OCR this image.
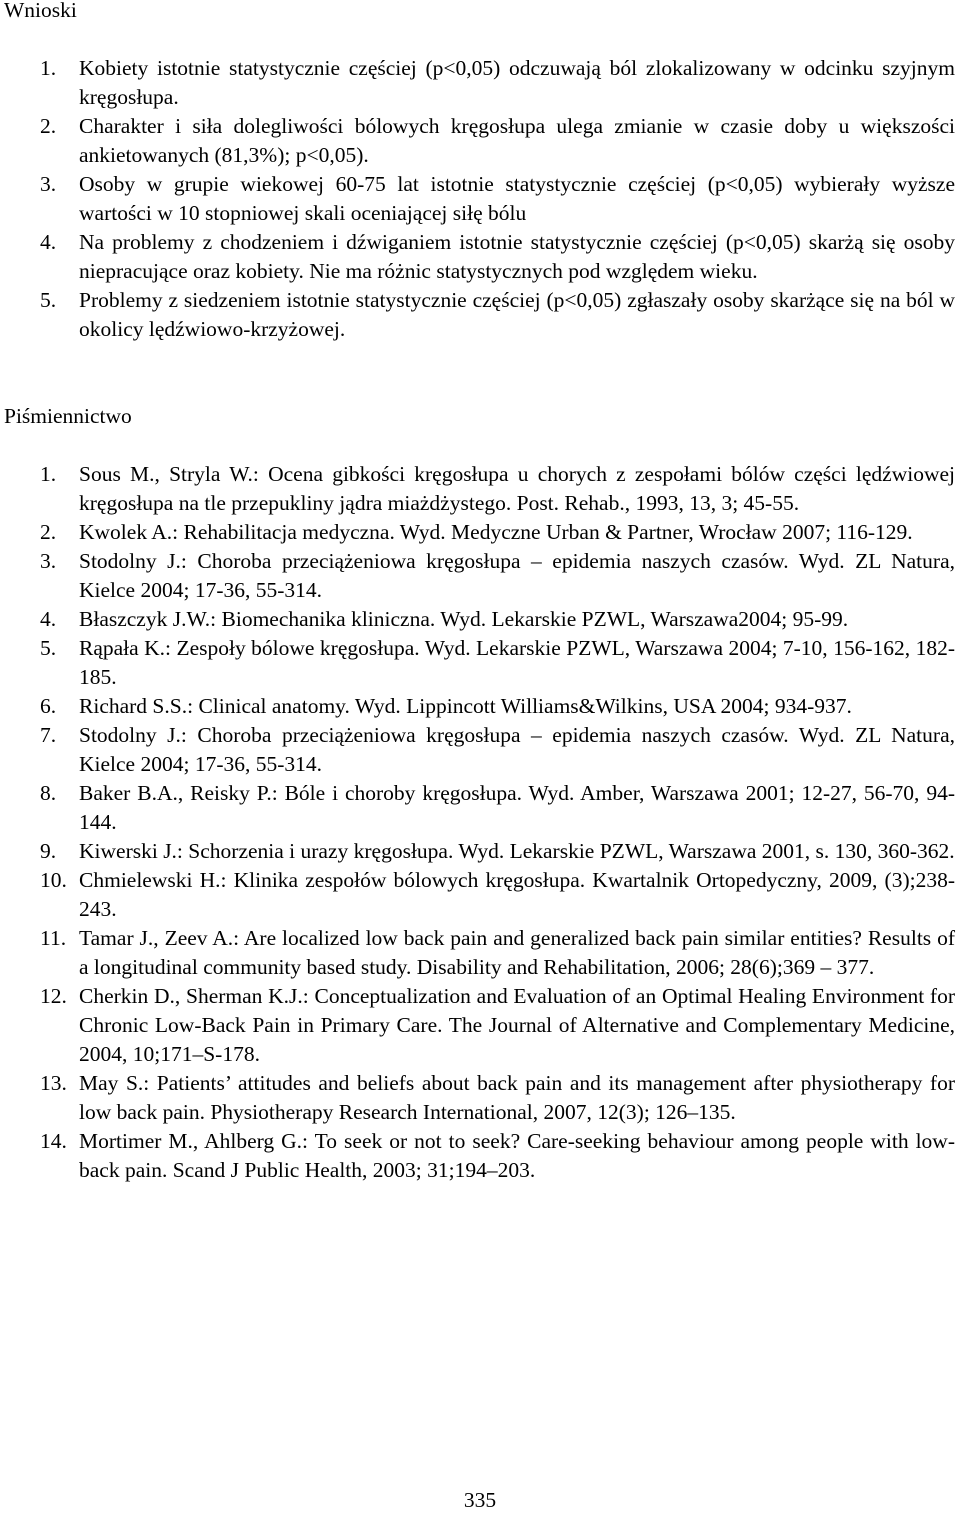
Wnioski
1. Kobiety istotnie statystycznie częściej (p<0,05) odczuwają ból zlokalizowany w odcinku szyjnym kręgosłupa.
2. Charakter i siła dolegliwości bólowych kręgosłupa ulega zmianie w czasie doby u większości ankietowanych (81,3%); p<0,05).
3. Osoby w grupie wiekowej 60-75 lat istotnie statystycznie częściej (p<0,05) wybierały wyższe wartości w 10 stopniowej skali oceniającej siłę bólu
4. Na problemy z chodzeniem i dźwiganiem istotnie statystycznie częściej (p<0,05) skarżą się osoby niepracujące oraz kobiety. Nie ma różnic statystycznych pod względem wieku.
5. Problemy z siedzeniem istotnie statystycznie częściej (p<0,05) zgłaszały osoby skarżące się na ból w okolicy lędźwiowo-krzyżowej.
Piśmiennictwo
1. Sous M., Stryla W.: Ocena gibkości kręgosłupa u chorych z zespołami bólów części lędźwiowej kręgosłupa na tle przepukliny jądra miażdżystego. Post. Rehab., 1993, 13, 3; 45-55.
2. Kwolek A.: Rehabilitacja medyczna. Wyd. Medyczne Urban & Partner, Wrocław 2007; 116-129.
3. Stodolny J.: Choroba przeciążeniowa kręgosłupa – epidemia naszych czasów. Wyd. ZL Natura, Kielce 2004; 17-36, 55-314.
4. Błaszczyk J.W.: Biomechanika kliniczna. Wyd. Lekarskie PZWL, Warszawa2004; 95-99.
5. Rąpała K.: Zespoły bólowe kręgosłupa. Wyd. Lekarskie PZWL, Warszawa 2004; 7-10, 156-162, 182-185.
6. Richard S.S.: Clinical anatomy. Wyd. Lippincott Williams&Wilkins, USA 2004; 934-937.
7. Stodolny J.: Choroba przeciążeniowa kręgosłupa – epidemia naszych czasów. Wyd. ZL Natura, Kielce 2004; 17-36, 55-314.
8. Baker B.A., Reisky P.: Bóle i choroby kręgosłupa. Wyd. Amber, Warszawa 2001; 12-27, 56-70, 94-144.
9. Kiwerski J.: Schorzenia i urazy kręgosłupa. Wyd. Lekarskie PZWL, Warszawa 2001, s. 130, 360-362.
10. Chmielewski H.: Klinika zespołów bólowych kręgosłupa. Kwartalnik Ortopedyczny, 2009, (3);238-243.
11. Tamar J., Zeev A.: Are localized low back pain and generalized back pain similar entities? Results of a longitudinal community based study. Disability and Rehabilitation, 2006; 28(6);369 – 377.
12. Cherkin D., Sherman K.J.: Conceptualization and Evaluation of an Optimal Healing Environment for Chronic Low-Back Pain in Primary Care. The Journal of Alternative and Complementary Medicine, 2004, 10;171–S-178.
13. May S.: Patients’ attitudes and beliefs about back pain and its management after physiotherapy for low back pain. Physiotherapy Research International, 2007, 12(3); 126–135.
14. Mortimer M., Ahlberg G.: To seek or not to seek? Care-seeking behaviour among people with low-back pain. Scand J Public Health, 2003; 31;194–203.
335
